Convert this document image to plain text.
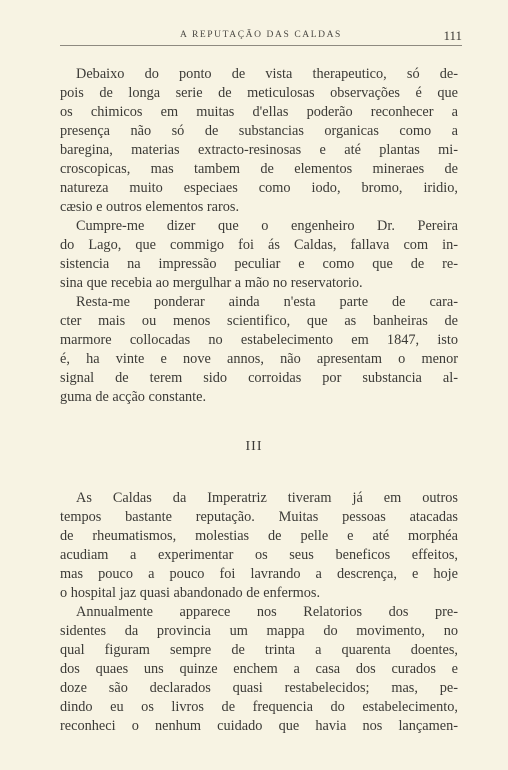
A REPUTAÇÃO DAS CALDAS	111
Debaixo do ponto de vista therapeutico, só de-
pois de longa serie de meticulosas observações é que
os chimicos em muitas d'ellas poderão reconhecer a
presença não só de substancias organicas como a
baregina, materias extracto-resinosas e até plantas mi-
croscopicas, mas tambem de elementos mineraes de
natureza muito especiaes como iodo, bromo, iridio,
cæsio e outros elementos raros.
Cumpre-me dizer que o engenheiro Dr. Pereira
do Lago, que commigo foi ás Caldas, fallava com in-
sistencia na impressão peculiar e como que de re-
sina que recebia ao mergulhar a mão no reservatorio.
Resta-me ponderar ainda n'esta parte de cara-
cter mais ou menos scientifico, que as banheiras de
marmore collocadas no estabelecimento em 1847, isto
é, ha vinte e nove annos, não apresentam o menor
signal de terem sido corroidas por substancia al-
guma de acção constante.
III
As Caldas da Imperatriz tiveram já em outros
tempos bastante reputação. Muitas pessoas atacadas
de rheumatismos, molestias de pelle e até morphéa
acudiam a experimentar os seus beneficos effeitos,
mas pouco a pouco foi lavrando a descrença, e hoje
o hospital jaz quasi abandonado de enfermos.
Annualmente apparece nos Relatorios dos pre-
sidentes da provincia um mappa do movimento, no
qual figuram sempre de trinta a quarenta doentes,
dos quaes uns quinze enchem a casa dos curados e
doze são declarados quasi restabelecidos; mas, pe-
dindo eu os livros de frequencia do estabelecimento,
reconheci o nenhum cuidado que havia nos lançamen-
